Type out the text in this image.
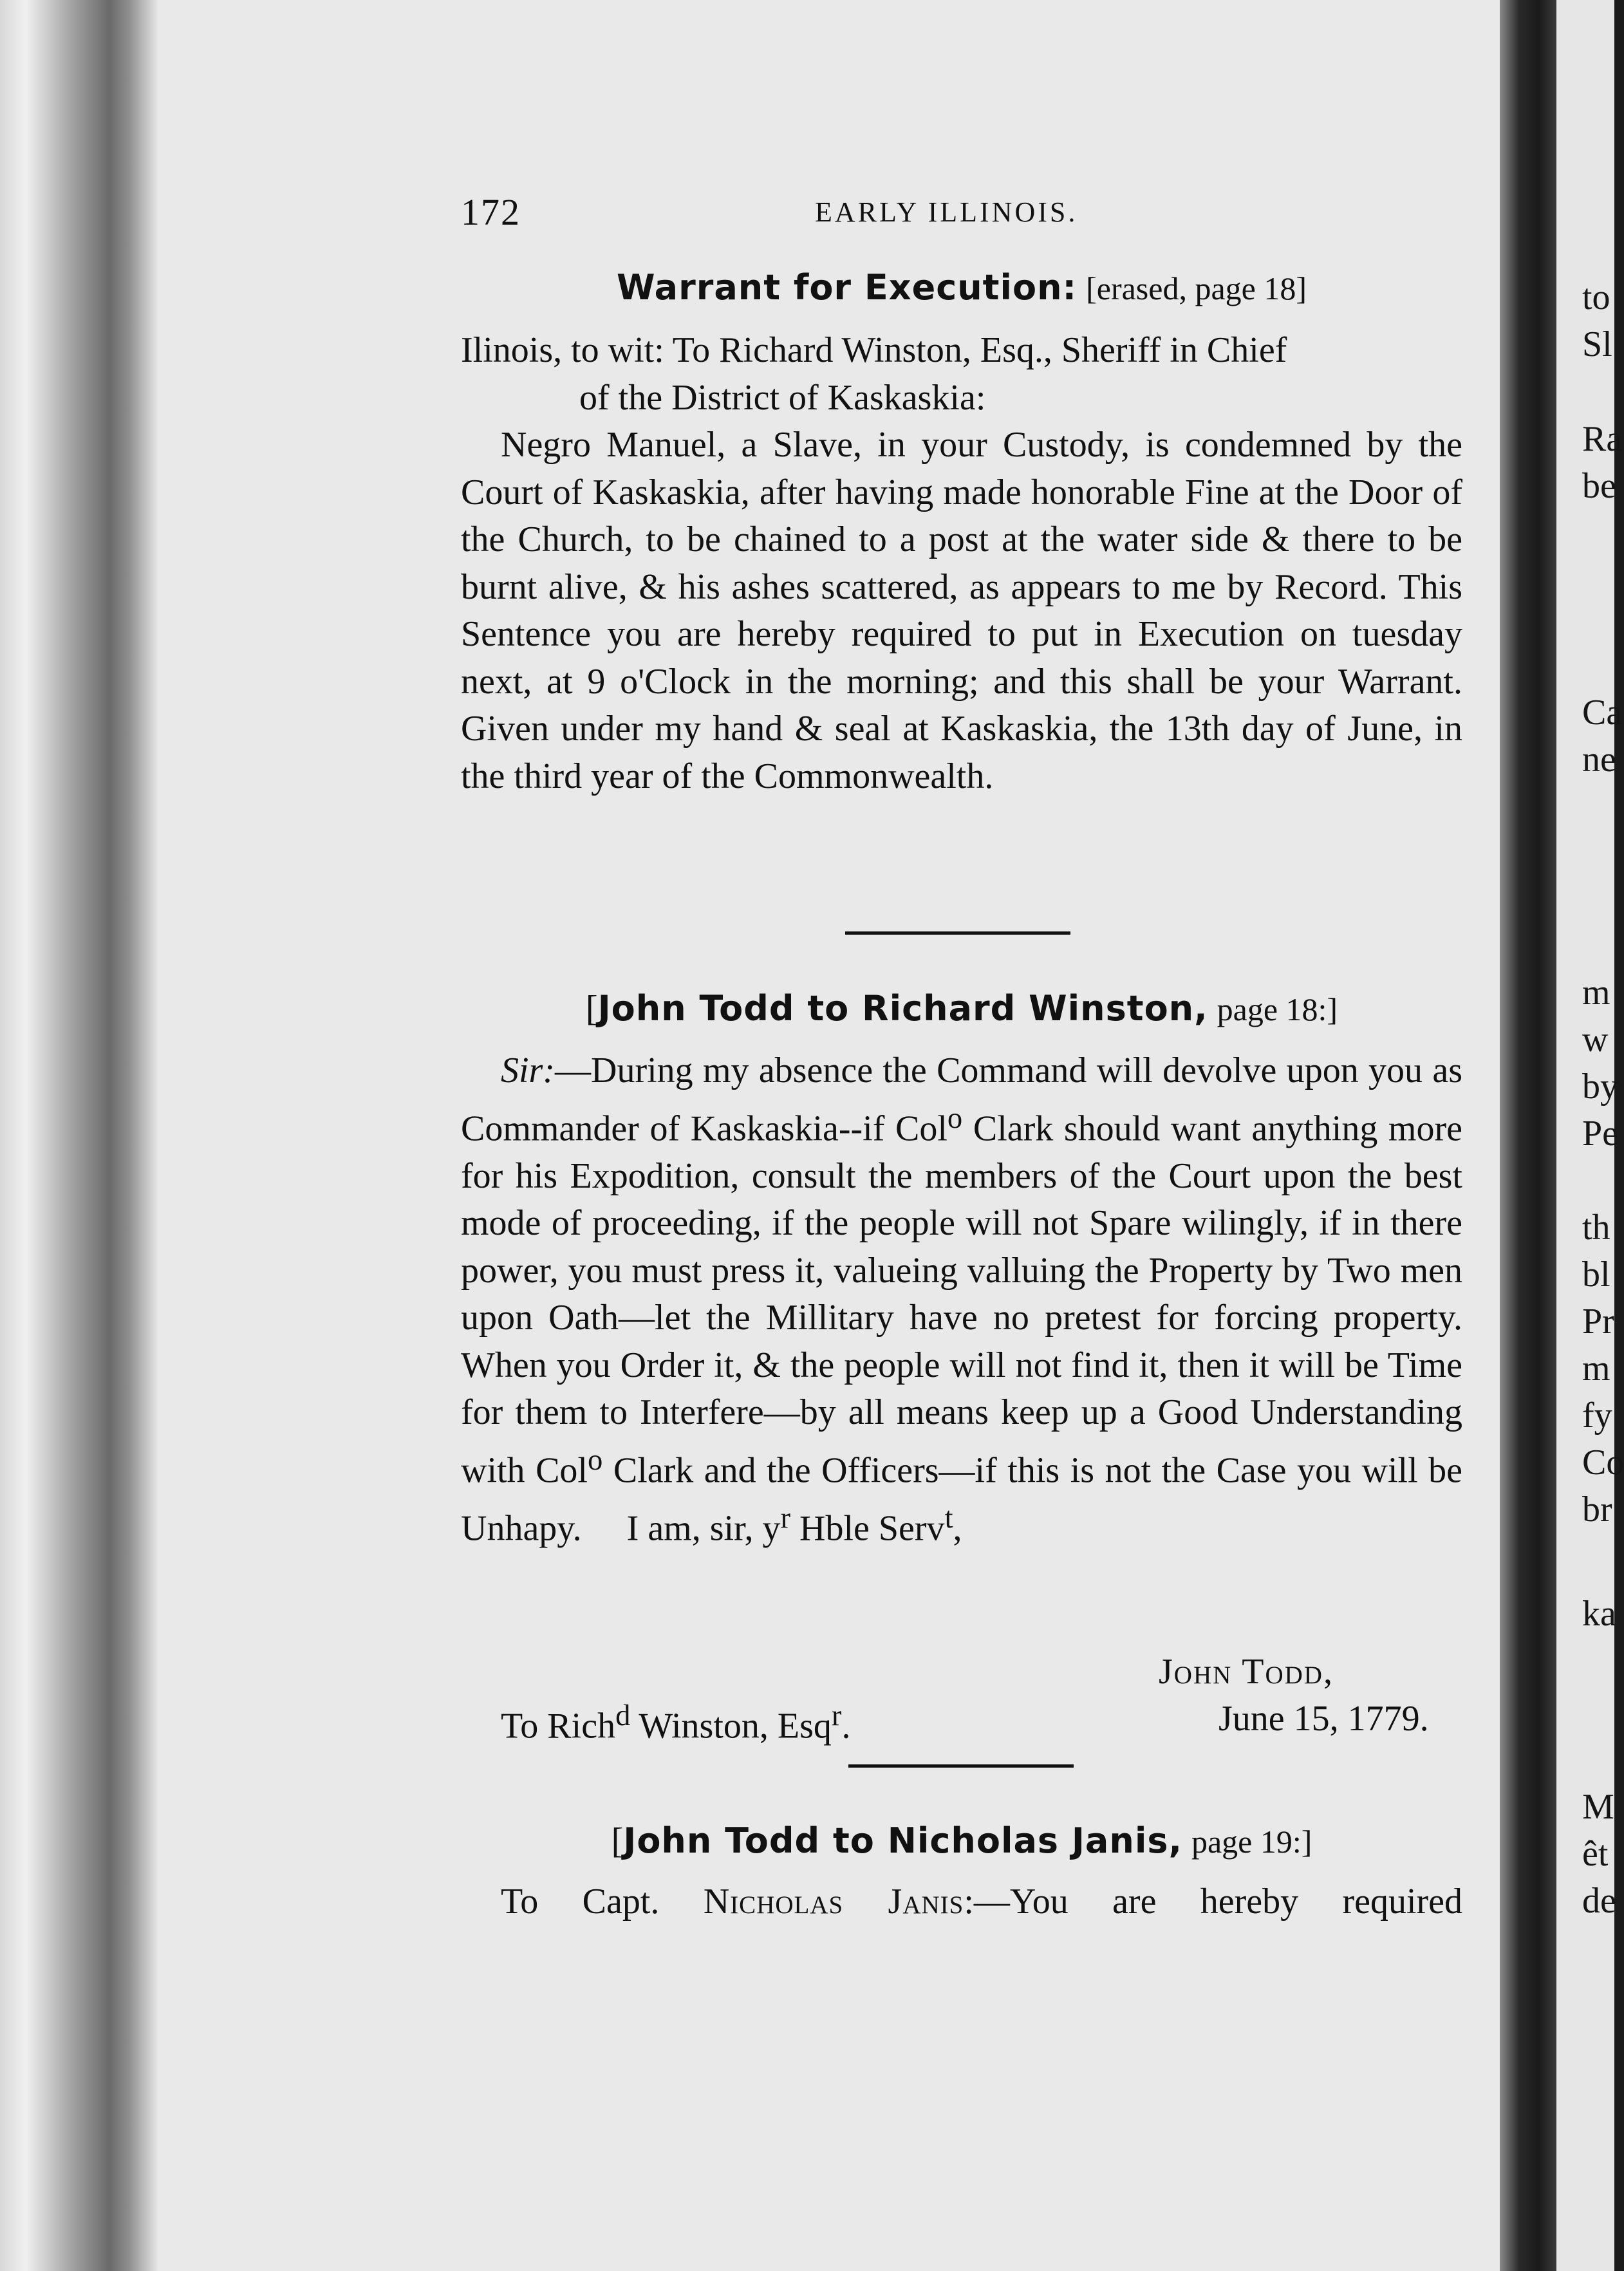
to
Sl
Ra
be
Ca
ne
m
w
by
Pe
th
bl
Pr
m
fy
Co
br
ka
M
êt
de
172	EARLY ILLINOIS.
Warrant for Execution: [erased, page 18]
Ilinois, to wit: To Richard Winston, Esq., Sheriff in Chief
of the District of Kaskaskia:
Negro Manuel, a Slave, in your Custody, is condemned by the Court of Kaskaskia, after having made honorable Fine at the Door of the Church, to be chained to a post at the water side & there to be burnt alive, & his ashes scattered, as appears to me by Record. This Sentence you are hereby required to put in Execution on tuesday next, at 9 o'Clock in the morning; and this shall be your Warrant. Given under my hand & seal at Kaskaskia, the 13th day of June, in the third year of the Commonwealth.
[John Todd to Richard Winston, page 18:]
Sir:—During my absence the Command will devolve upon you as Commander of Kaskaskia--if Col$^o$ Clark should want anything more for his Expodition, consult the members of the Court upon the best mode of proceeding, if the people will not Spare wilingly, if in there power, you must press it, valueing valluing the Property by Two men upon Oath—let the Millitary have no pretest for forcing property. When you Order it, & the people will not find it, then it will be Time for them to Interfere—by all means keep up a Good Understanding with Col$^o$ Clark and the Officers—if this is not the Case you will be Unhapy. I am, sir, $y^r$ Hble Serv$^t$,
John Todd,
To Rich$^d$ Winston, Esq$^r$.	June 15, 1779.
[John Todd to Nicholas Janis, page 19:]
To Capt. Nicholas Janis:—You are hereby required
